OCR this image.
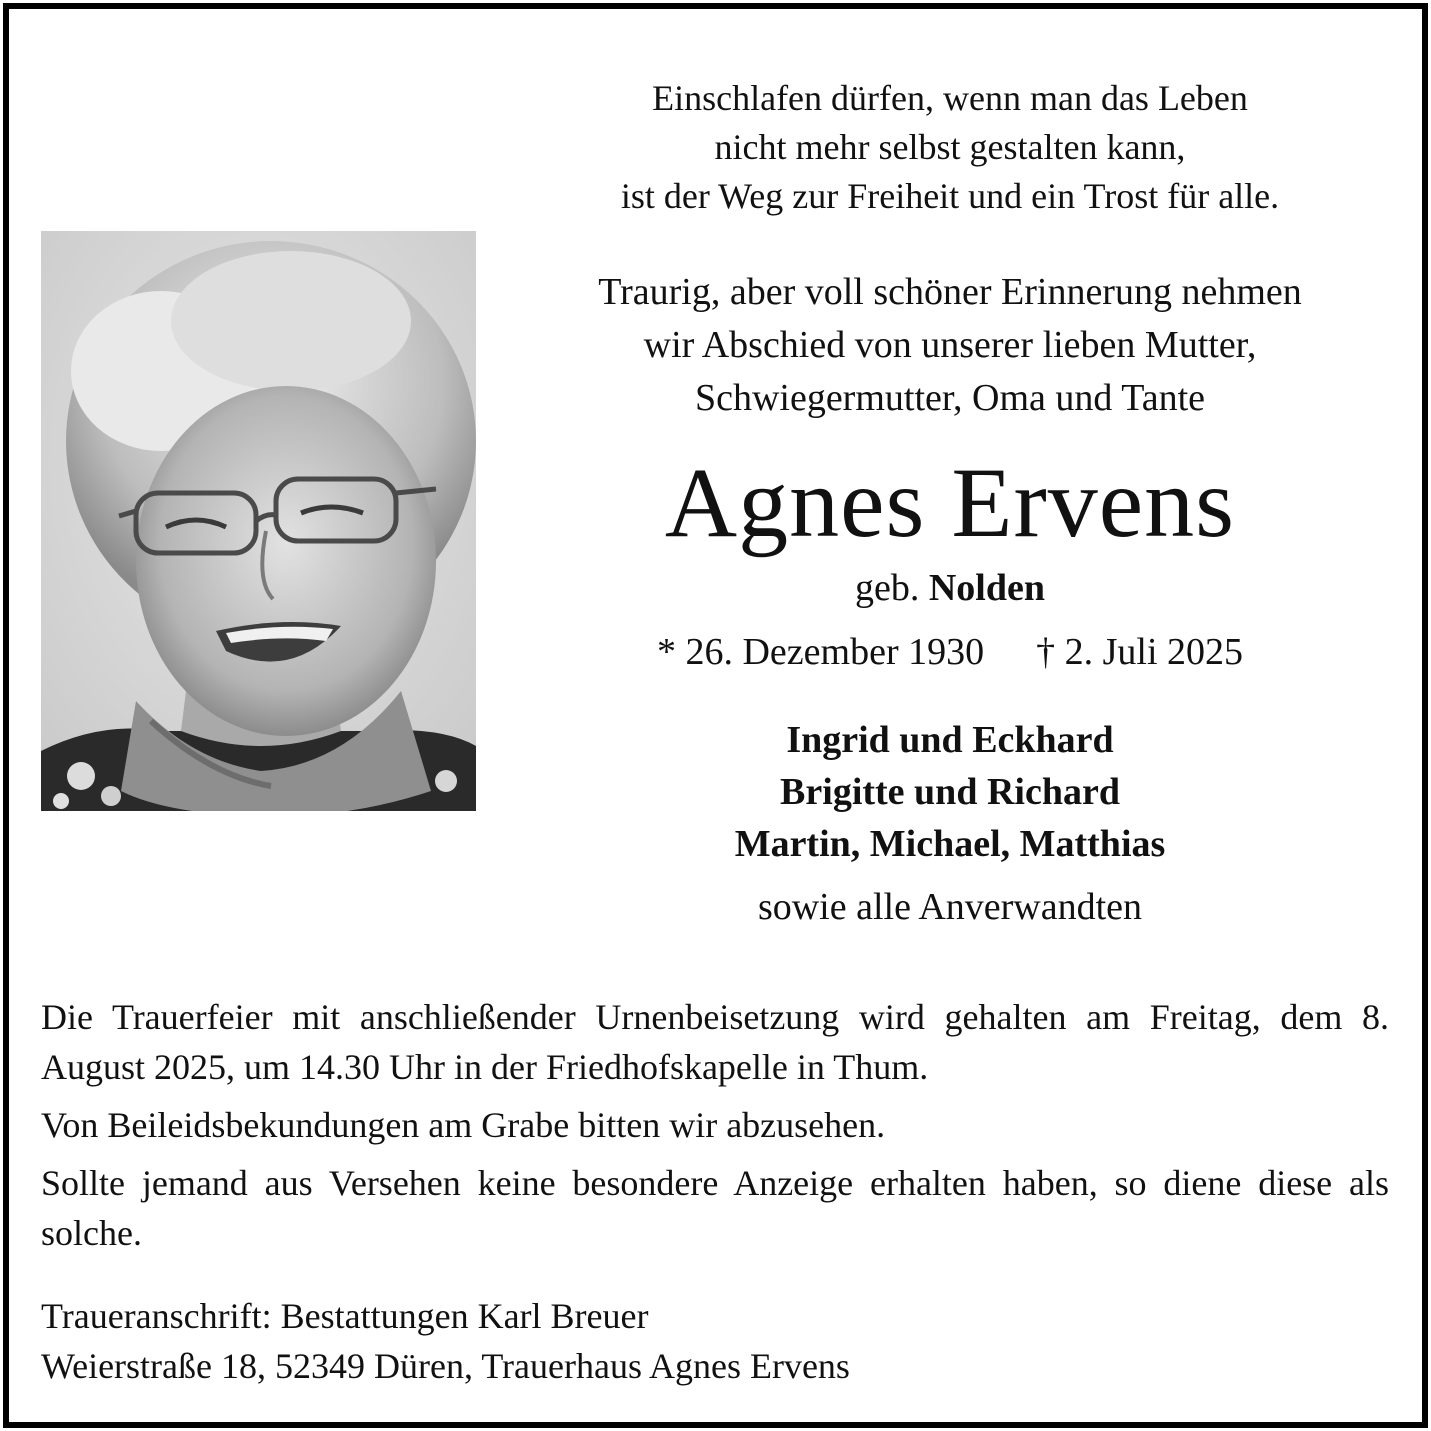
Einschlafen dürfen, wenn man das Leben
nicht mehr selbst gestalten kann,
ist der Weg zur Freiheit und ein Trost für alle.
Traurig, aber voll schöner Erinnerung nehmen
wir Abschied von unserer lieben Mutter,
Schwiegermutter, Oma und Tante
Agnes Ervens
geb. Nolden
* 26. Dezember 1930 † 2. Juli 2025
Ingrid und Eckhard
Brigitte und Richard
Martin, Michael, Matthias
sowie alle Anverwandten
Die Trauerfeier mit anschließender Urnenbeisetzung wird gehalten am Freitag, dem 8. August 2025, um 14.30 Uhr in der Friedhofskapelle in Thum.
Von Beileidsbekundungen am Grabe bitten wir abzusehen.
Sollte jemand aus Versehen keine besondere Anzeige erhalten haben, so diene diese als solche.
Traueranschrift: Bestattungen Karl Breuer
Weierstraße 18, 52349 Düren, Trauerhaus Agnes Ervens
